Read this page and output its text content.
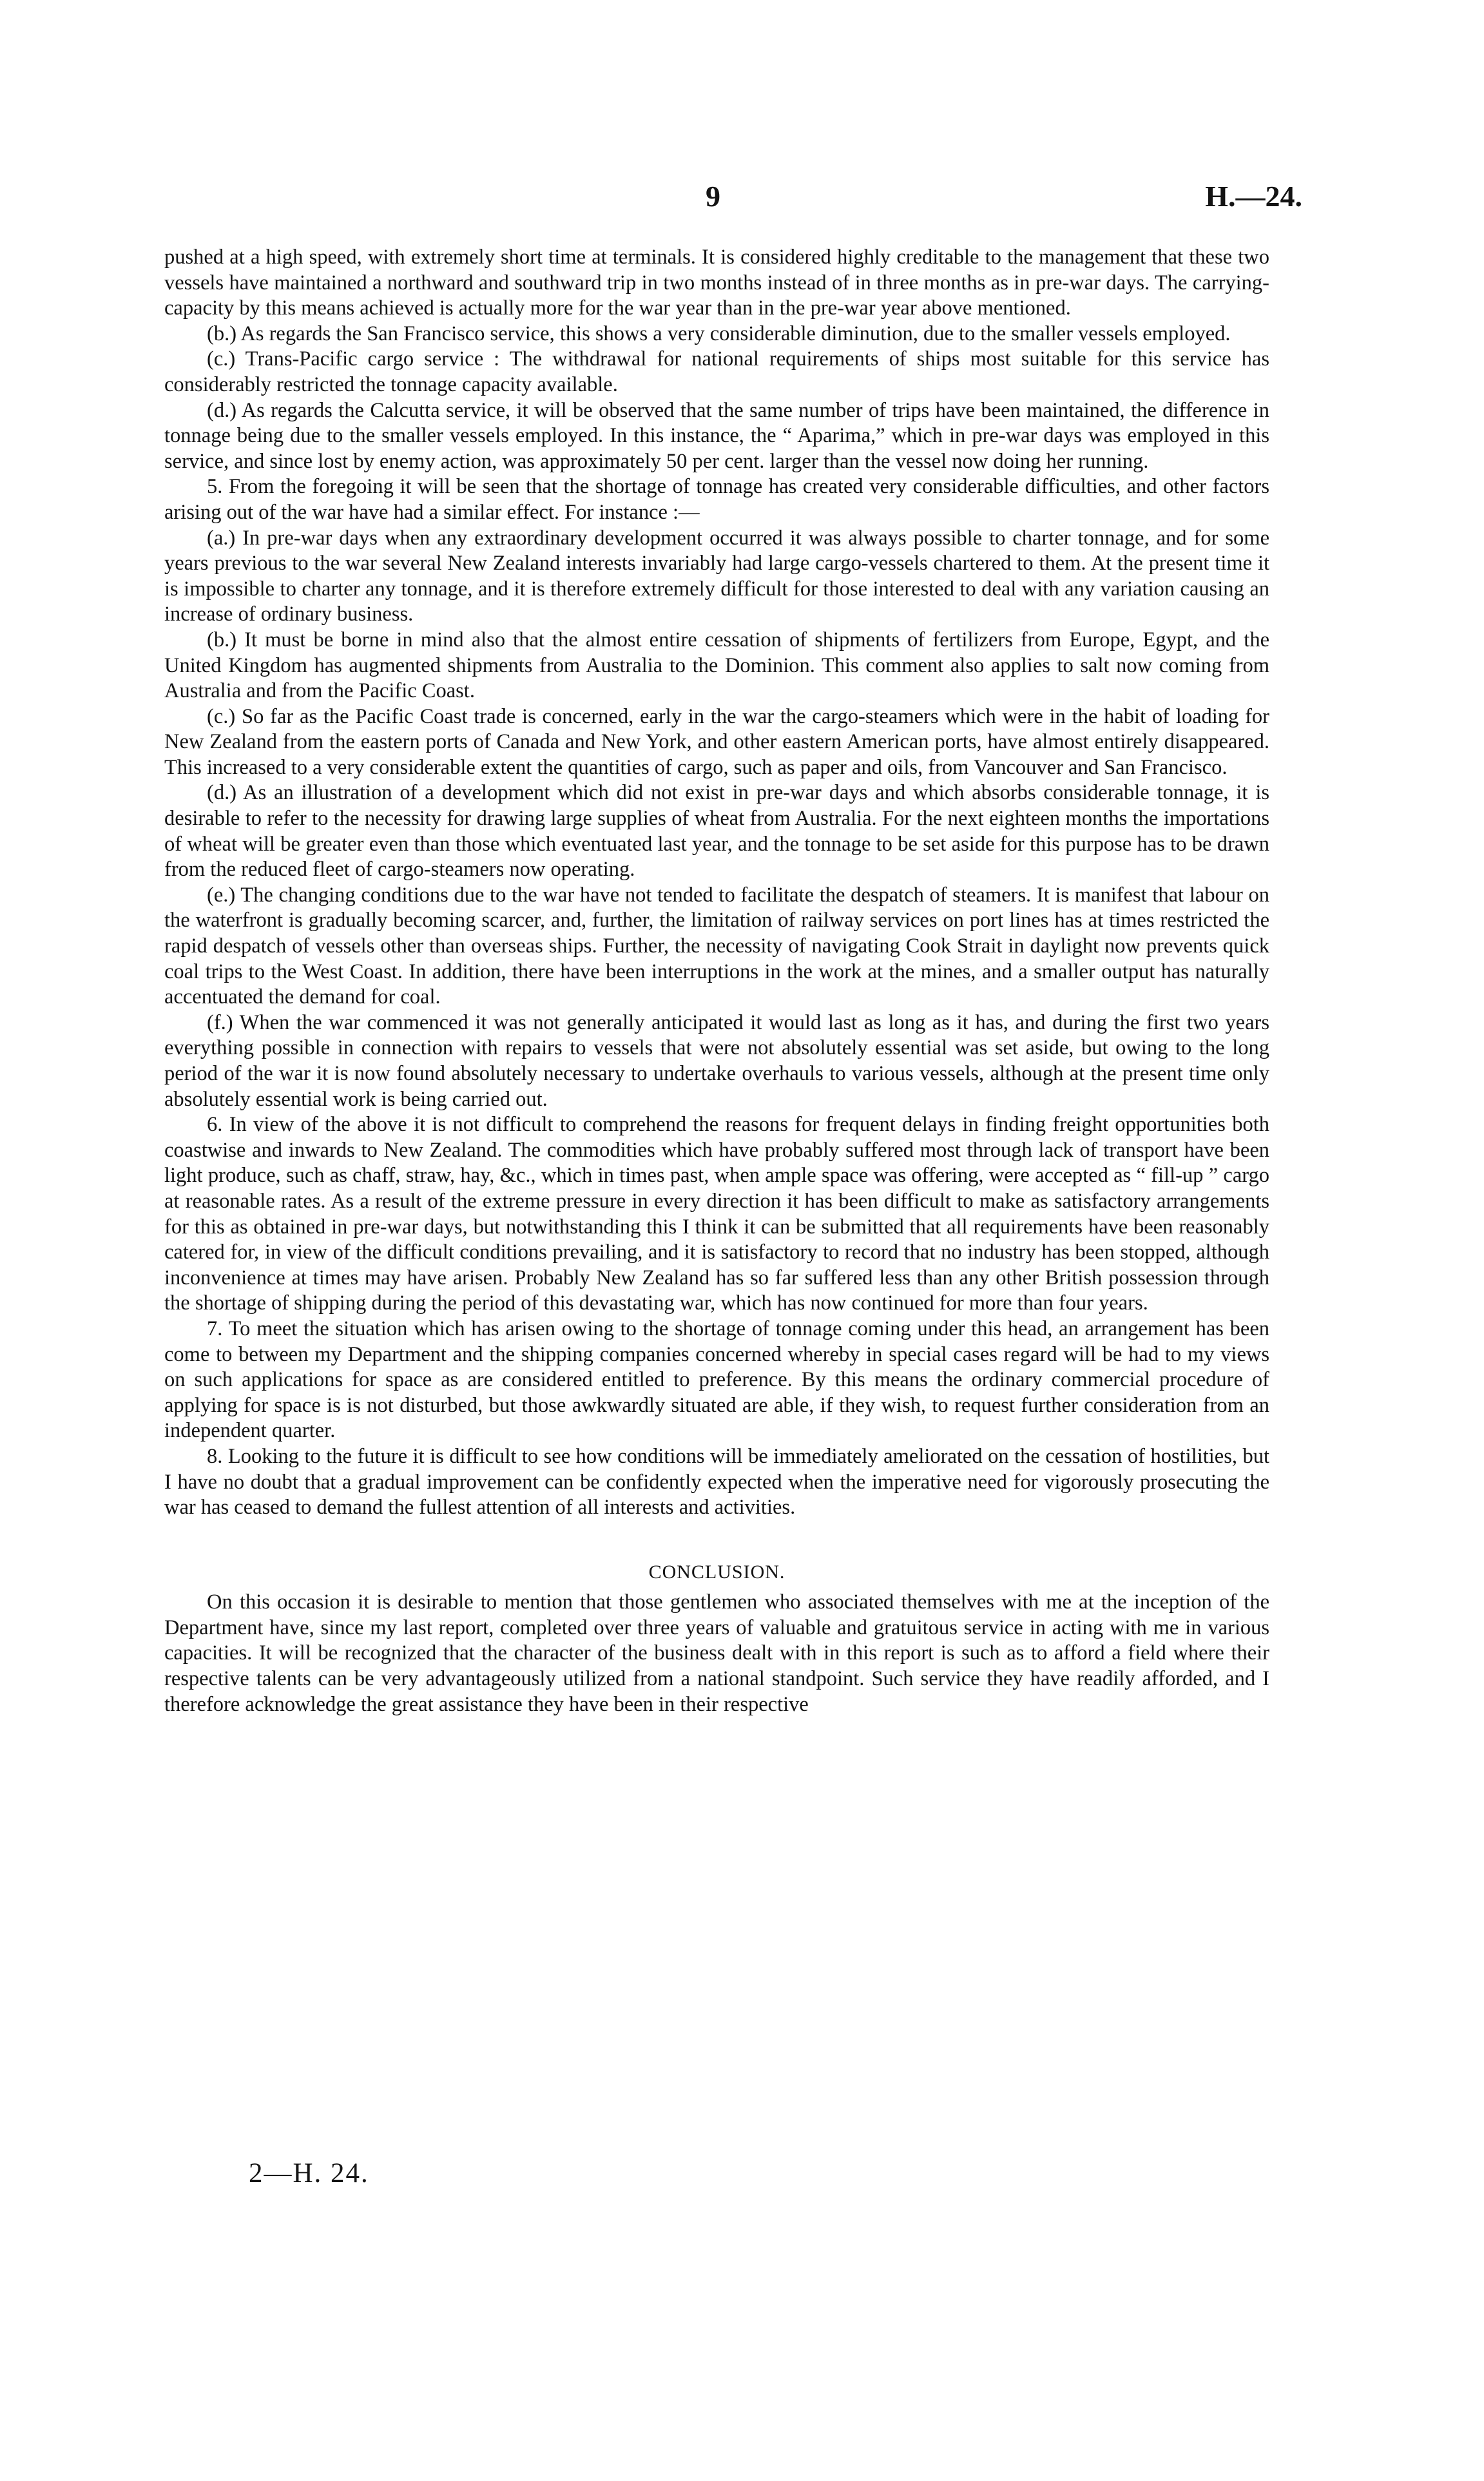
9	H.—24.

pushed at a high speed, with extremely short time at terminals. It is considered highly creditable to the management that these two vessels have maintained a northward and southward trip in two months instead of in three months as in pre-war days. The carrying-capacity by this means achieved is actually more for the war year than in the pre-war year above mentioned.

(b.) As regards the San Francisco service, this shows a very considerable diminution, due to the smaller vessels employed.

(c.) Trans-Pacific cargo service : The withdrawal for national requirements of ships most suitable for this service has considerably restricted the tonnage capacity available.

(d.) As regards the Calcutta service, it will be observed that the same number of trips have been maintained, the difference in tonnage being due to the smaller vessels employed. In this instance, the “ Aparima,” which in pre-war days was employed in this service, and since lost by enemy action, was approximately 50 per cent. larger than the vessel now doing her running.

5. From the foregoing it will be seen that the shortage of tonnage has created very considerable difficulties, and other factors arising out of the war have had a similar effect. For instance :—

(a.) In pre-war days when any extraordinary development occurred it was always possible to charter tonnage, and for some years previous to the war several New Zealand interests invariably had large cargo-vessels chartered to them. At the present time it is impossible to charter any tonnage, and it is therefore extremely difficult for those interested to deal with any variation causing an increase of ordinary business.

(b.) It must be borne in mind also that the almost entire cessation of shipments of fertilizers from Europe, Egypt, and the United Kingdom has augmented shipments from Australia to the Dominion. This comment also applies to salt now coming from Australia and from the Pacific Coast.

(c.) So far as the Pacific Coast trade is concerned, early in the war the cargo-steamers which were in the habit of loading for New Zealand from the eastern ports of Canada and New York, and other eastern American ports, have almost entirely disappeared. This increased to a very considerable extent the quantities of cargo, such as paper and oils, from Vancouver and San Francisco.

(d.) As an illustration of a development which did not exist in pre-war days and which absorbs considerable tonnage, it is desirable to refer to the necessity for drawing large supplies of wheat from Australia. For the next eighteen months the importations of wheat will be greater even than those which eventuated last year, and the tonnage to be set aside for this purpose has to be drawn from the reduced fleet of cargo-steamers now operating.

(e.) The changing conditions due to the war have not tended to facilitate the despatch of steamers. It is manifest that labour on the waterfront is gradually becoming scarcer, and, further, the limitation of railway services on port lines has at times restricted the rapid despatch of vessels other than overseas ships. Further, the necessity of navigating Cook Strait in daylight now prevents quick coal trips to the West Coast. In addition, there have been interruptions in the work at the mines, and a smaller output has naturally accentuated the demand for coal.

(f.) When the war commenced it was not generally anticipated it would last as long as it has, and during the first two years everything possible in connection with repairs to vessels that were not absolutely essential was set aside, but owing to the long period of the war it is now found absolutely necessary to undertake overhauls to various vessels, although at the present time only absolutely essential work is being carried out.

6. In view of the above it is not difficult to comprehend the reasons for frequent delays in finding freight opportunities both coastwise and inwards to New Zealand. The commodities which have probably suffered most through lack of transport have been light produce, such as chaff, straw, hay, &c., which in times past, when ample space was offering, were accepted as “ fill-up ” cargo at reasonable rates. As a result of the extreme pressure in every direction it has been difficult to make as satisfactory arrangements for this as obtained in pre-war days, but notwithstanding this I think it can be submitted that all requirements have been reasonably catered for, in view of the difficult conditions prevailing, and it is satisfactory to record that no industry has been stopped, although inconvenience at times may have arisen. Probably New Zealand has so far suffered less than any other British possession through the shortage of shipping during the period of this devastating war, which has now continued for more than four years.

7. To meet the situation which has arisen owing to the shortage of tonnage coming under this head, an arrangement has been come to between my Department and the shipping companies concerned whereby in special cases regard will be had to my views on such applications for space as are considered entitled to preference. By this means the ordinary commercial procedure of applying for space is is not disturbed, but those awkwardly situated are able, if they wish, to request further consideration from an independent quarter.

8. Looking to the future it is difficult to see how conditions will be immediately ameliorated on the cessation of hostilities, but I have no doubt that a gradual improvement can be confidently expected when the imperative need for vigorously prosecuting the war has ceased to demand the fullest attention of all interests and activities.

CONCLUSION.

On this occasion it is desirable to mention that those gentlemen who associated themselves with me at the inception of the Department have, since my last report, completed over three years of valuable and gratuitous service in acting with me in various capacities. It will be recognized that the character of the business dealt with in this report is such as to afford a field where their respective talents can be very advantageously utilized from a national standpoint. Such service they have readily afforded, and I therefore acknowledge the great assistance they have been in their respective

2—H. 24.
